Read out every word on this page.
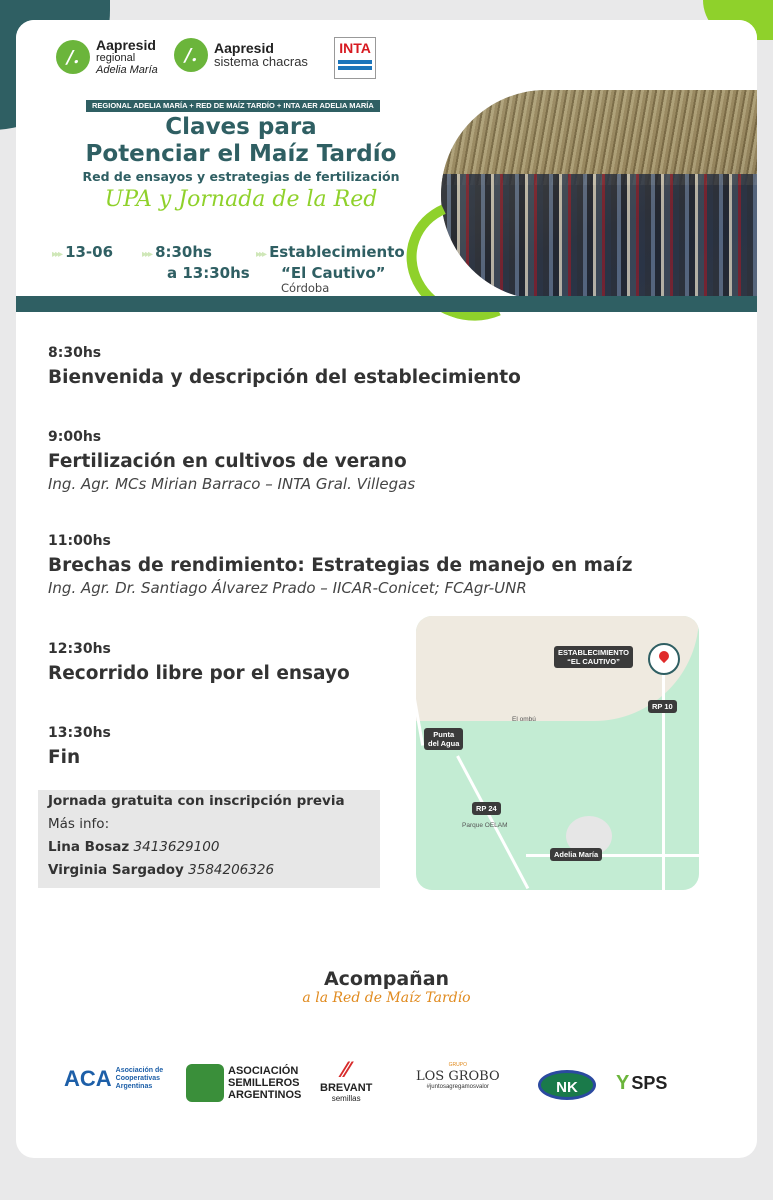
/.
Aapresid
regional
Adelia María
/.	Aapresid
sistema chacras
INTA
REGIONAL ADELIA MARÍA + RED DE MAÍZ TARDÍO + INTA AER ADELIA MARÍA
Claves para
Potenciar el Maíz Tardío
Red de ensayos y estrategias de fertilización
UPA y Jornada de la Red
▸▸▸ 13-06	▸▸▸ 8:30hs
a 13:30hs
▸▸▸ Establecimiento
“El Cautivo”
Córdoba
8:30hs
Bienvenida y descripción del establecimiento
9:00hs
Fertilización en cultivos de verano
Ing. Agr. MCs Mirian Barraco – INTA Gral. Villegas
11:00hs
Brechas de rendimiento: Estrategias de manejo en maíz
Ing. Agr. Dr. Santiago Álvarez Prado – IICAR-Conicet; FCAgr-UNR
12:30hs
Recorrido libre por el ensayo
13:30hs
Fin
Jornada gratuita con inscripción previa
Más info:
Lina Bosaz 3413629100
Virginia Sargadoy 3584206326
ESTABLECIMIENTO
“EL CAUTIVO”
RP 10
Punta
del Agua
RP 24
Adelia María
El ombú
Parque OELAM
Acompañan
a la Red de Maíz Tardío
ACA Asociación de
Cooperativas
Argentinas
ASOCIACIÓN
SEMILLEROS
ARGENTINOS
⁄⁄
BREVANT
semillas
GRUPO
LOS GROBO
#juntosagregamosvalor	NK	Y SPS
